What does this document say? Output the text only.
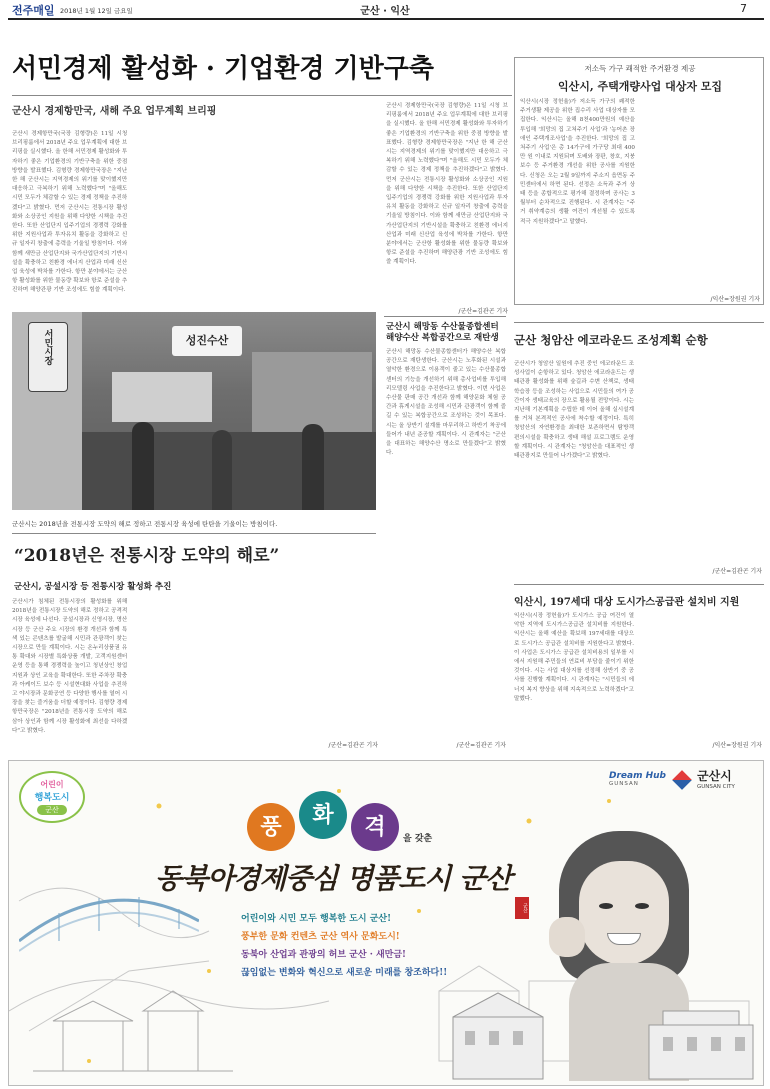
전주매일 2018년 1월 12일 금요일	군산 · 익산	7
서민경제 활성화 · 기업환경 기반구축
군산시 경제항만국, 새해 주요 업무계획 브리핑
군산시 경제항만국(국장 김형량)은 11일 시청 브리핑룸에서 2018년 주요 업무계획에 대한 브리핑을 실시했다. 올 한해 서민경제 활성화와 투자하기 좋은 기업환경의 기반구축을 위한 중점 방향을 발표했다. 김형량 경제항만국장은 "지난 한 해 군산시는 지역경제의 위기를 맞이했지만 대응하고 극복하기 위해 노력했다"며 "올해도 시민 모두가 체감할 수 있는 경제 정책을 추진하겠다"고 밝혔다. 먼저 군산시는 전통시장 활성화와 소상공인 지원을 위해 다양한 시책을 추진한다. 또한 산업단지 입주기업의 경쟁력 강화를 위한 지원사업과 투자유치 활동을 강화하고 신규 일자리 창출에 총력을 기울일 방침이다. 이와 함께 새만금 산업단지와 국가산업단지의 기반시설을 확충하고 친환경 에너지 산업과 미래 신산업 육성에 박차를 가한다. 항만 분야에서는 군산항 활성화를 위한 물동량 확보와 항로 준설을 추진하며 해양관광 기반 조성에도 힘쓸 계획이다.
군산시 경제항만국(국장 김형량)은 11일 시청 브리핑룸에서 2018년 주요 업무계획에 대한 브리핑을 실시했다. 올 한해 서민경제 활성화와 투자하기 좋은 기업환경의 기반구축을 위한 중점 방향을 발표했다. 김형량 경제항만국장은 "지난 한 해 군산시는 지역경제의 위기를 맞이했지만 대응하고 극복하기 위해 노력했다"며 "올해도 시민 모두가 체감할 수 있는 경제 정책을 추진하겠다"고 밝혔다. 먼저 군산시는 전통시장 활성화와 소상공인 지원을 위해 다양한 시책을 추진한다. 또한 산업단지 입주기업의 경쟁력 강화를 위한 지원사업과 투자유치 활동을 강화하고 신규 일자리 창출에 총력을 기울일 방침이다. 이와 함께 새만금 산업단지와 국가산업단지의 기반시설을 확충하고 친환경 에너지 산업과 미래 신산업 육성에 박차를 가한다. 항만 분야에서는 군산항 활성화를 위한 물동량 확보와 항로 준설을 추진하며 해양관광 기반 조성에도 힘쓸 계획이다.
/군산=김관곤 기자
서민시장	성진수산
군산시는 2018년을 전통시장 도약의 해로 정하고 전통시장 육성에 탄탄을 기울이는 방침이다.
“2018년은 전통시장 도약의 해로”
군산시, 공설시장 등 전통시장 활성화 추진
군산시가 침체된 전통시장의 활성화를 위해 2018년을 전통시장 도약의 해로 정하고 공격적 시장 육성에 나선다. 공설시장과 신영시장, 명산시장 등 군산 주요 시장의 환경 개선과 함께 특색 있는 콘텐츠를 발굴해 시민과 관광객이 찾는 시장으로 만들 계획이다. 시는 온누리상품권 유통 확대와 시장별 특화상품 개발, 고객지원센터 운영 등을 통해 경쟁력을 높이고 청년상인 창업 지원과 상인 교육을 확대한다. 또한 주차장 확충과 아케이드 보수 등 시설현대화 사업을 추진하고 야시장과 문화공연 등 다양한 행사를 열어 시장을 찾는 즐거움을 더할 예정이다. 김형량 경제항만국장은 "2018년을 전통시장 도약의 해로 삼아 상인과 함께 시장 활성화에 최선을 다하겠다"고 밝혔다.
/군산=김관곤 기자
군산시 해망동 수산물종합센터 해양수산 복합공간으로 재탄생
군산시 해망동 수산물종합센터가 해양수산 복합공간으로 재탄생한다. 군산시는 노후화된 시설과 열악한 환경으로 이용객이 줄고 있는 수산물종합센터의 기능을 개선하기 위해 총사업비를 투입해 리모델링 사업을 추진한다고 밝혔다. 이번 사업은 수산물 판매 공간 개선과 함께 해양문화 체험 공간과 휴게시설을 조성해 시민과 관광객이 함께 즐길 수 있는 복합공간으로 조성하는 것이 목표다. 시는 올 상반기 설계를 마무리하고 하반기 착공에 들어가 내년 준공할 계획이다. 시 관계자는 "군산을 대표하는 해양수산 명소로 만들겠다"고 밝혔다.
/군산=김관곤 기자
저소득 가구 쾌적한 주거환경 제공
익산시, 주택개량사업 대상자 모집
익산시(시장 정헌율)가 저소득 가구의 쾌적한 주거생활 제공을 위한 집수리 사업 대상자를 모집한다. 익산시는 올해 8천400만원의 예산을 투입해 '희망의 집 고쳐주기 사업'과 '농어촌 장애인 주택개조사업'을 추진한다. '희망의 집 고쳐주기 사업'은 총 14가구에 가구당 최대 400만 원 이내로 지원되며 도배와 장판, 창호, 지붕 보수 등 주거환경 개선을 위한 공사를 지원한다. 신청은 오는 2월 9일까지 주소지 읍면동 주민센터에서 하면 된다. 선정은 소득과 주거 상태 등을 종합적으로 평가해 결정하며 공사는 3월부터 순차적으로 진행된다. 시 관계자는 "주거 취약계층의 생활 여건이 개선될 수 있도록 적극 지원하겠다"고 말했다.
/익산=장원권 기자
군산 청암산 에코라운드 조성계획 순항
군산시가 청암산 일원에 추진 중인 에코라운드 조성사업이 순항하고 있다. 청암산 에코라운드는 생태관광 활성화를 위해 숲길과 수변 산책로, 생태학습장 등을 조성하는 사업으로 시민들의 여가 공간이자 생태교육의 장으로 활용될 전망이다. 시는 지난해 기본계획을 수립한 데 이어 올해 실시설계를 거쳐 본격적인 공사에 착수할 예정이다. 특히 청암산의 자연환경을 최대한 보존하면서 탐방객 편의시설을 확충하고 생태 해설 프로그램도 운영할 계획이다. 시 관계자는 "청암산을 대표적인 생태관광지로 만들어 나가겠다"고 밝혔다.
/군산=김관곤 기자
익산시, 197세대 대상 도시가스공급관 설치비 지원
익산시(시장 정헌율)가 도시가스 공급 여건이 열악한 지역에 도시가스공급관 설치비를 지원한다. 익산시는 올해 예산을 확보해 197세대를 대상으로 도시가스 공급관 설치비를 지원한다고 밝혔다. 이 사업은 도시가스 공급관 설치비용의 일부를 시에서 지원해 주민들의 연료비 부담을 줄이기 위한 것이다. 시는 사업 대상지를 선정해 상반기 중 공사를 진행할 계획이다. 시 관계자는 "시민들의 에너지 복지 향상을 위해 지속적으로 노력하겠다"고 말했다.
/익산=장원권 기자
어린이
행복도시
군산
Dream Hub
GUNSAN
군산시
GUNSAN CITY
풍	화	격	을 갖춘
동북아경제중심 명품도시 군산
군산
어린이와 시민 모두 행복한 도시 군산!
풍부한 문화 컨텐츠 군산 역사 문화도시!
동북아 산업과 관광의 허브 군산 · 새만금!
끊임없는 변화와 혁신으로 새로운 미래를 창조하다!!
